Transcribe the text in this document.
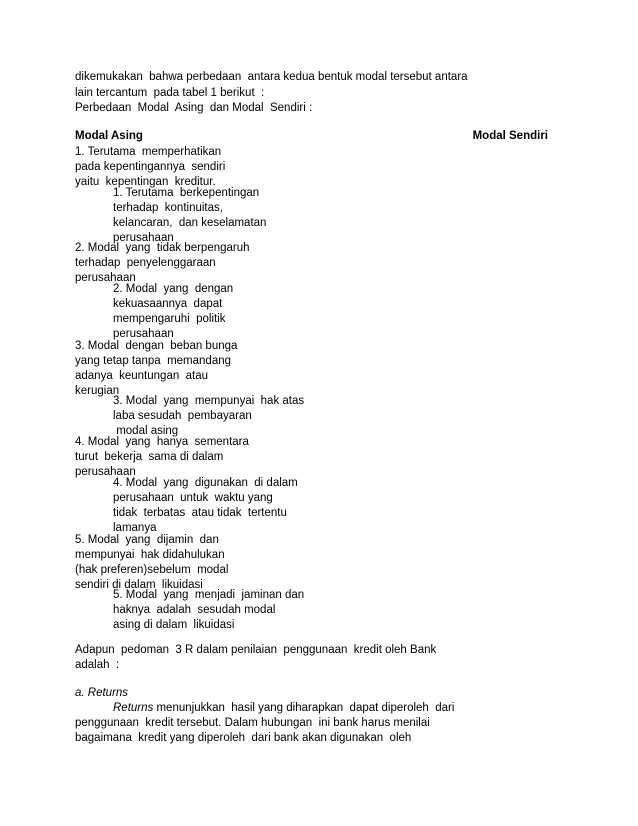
dikemukakan  bahwa perbedaan  antara kedua bentuk modal tersebut antara
lain tercantum  pada tabel 1 berikut  :
Perbedaan  Modal  Asing  dan Modal  Sendiri :
Modal Asing	Modal Sendiri
1. Terutama  memperhatikan
pada kepentingannya  sendiri
yaitu  kepentingan  kreditur.
1. Terutama  berkepentingan
terhadap  kontinuitas,
kelancaran,  dan keselamatan
perusahaan
2. Modal  yang  tidak berpengaruh
terhadap  penyelenggaraan
perusahaan
2. Modal  yang  dengan
kekuasaannya  dapat
mempengaruhi  politik
perusahaan
3. Modal  dengan  beban bunga
yang tetap tanpa  memandang
adanya  keuntungan  atau
kerugian
3. Modal  yang  mempunyai  hak atas
laba sesudah  pembayaran
modal asing
4. Modal  yang  hanya  sementara
turut  bekerja  sama di dalam
perusahaan
4. Modal  yang  digunakan  di dalam
perusahaan  untuk  waktu yang
tidak  terbatas  atau tidak  tertentu
lamanya
5. Modal  yang  dijamin  dan
mempunyai  hak didahulukan
(hak preferen)sebelum  modal
sendiri di dalam  likuidasi
5. Modal  yang  menjadi  jaminan dan
haknya  adalah  sesudah modal
asing di dalam  likuidasi
Adapun  pedoman  3 R dalam penilaian  penggunaan  kredit oleh Bank
adalah  :
a. Returns
Returns menunjukkan  hasil yang diharapkan  dapat diperoleh  dari
penggunaan  kredit tersebut. Dalam hubungan  ini bank harus menilai
bagaimana  kredit yang diperoleh  dari bank akan digunakan  oleh
